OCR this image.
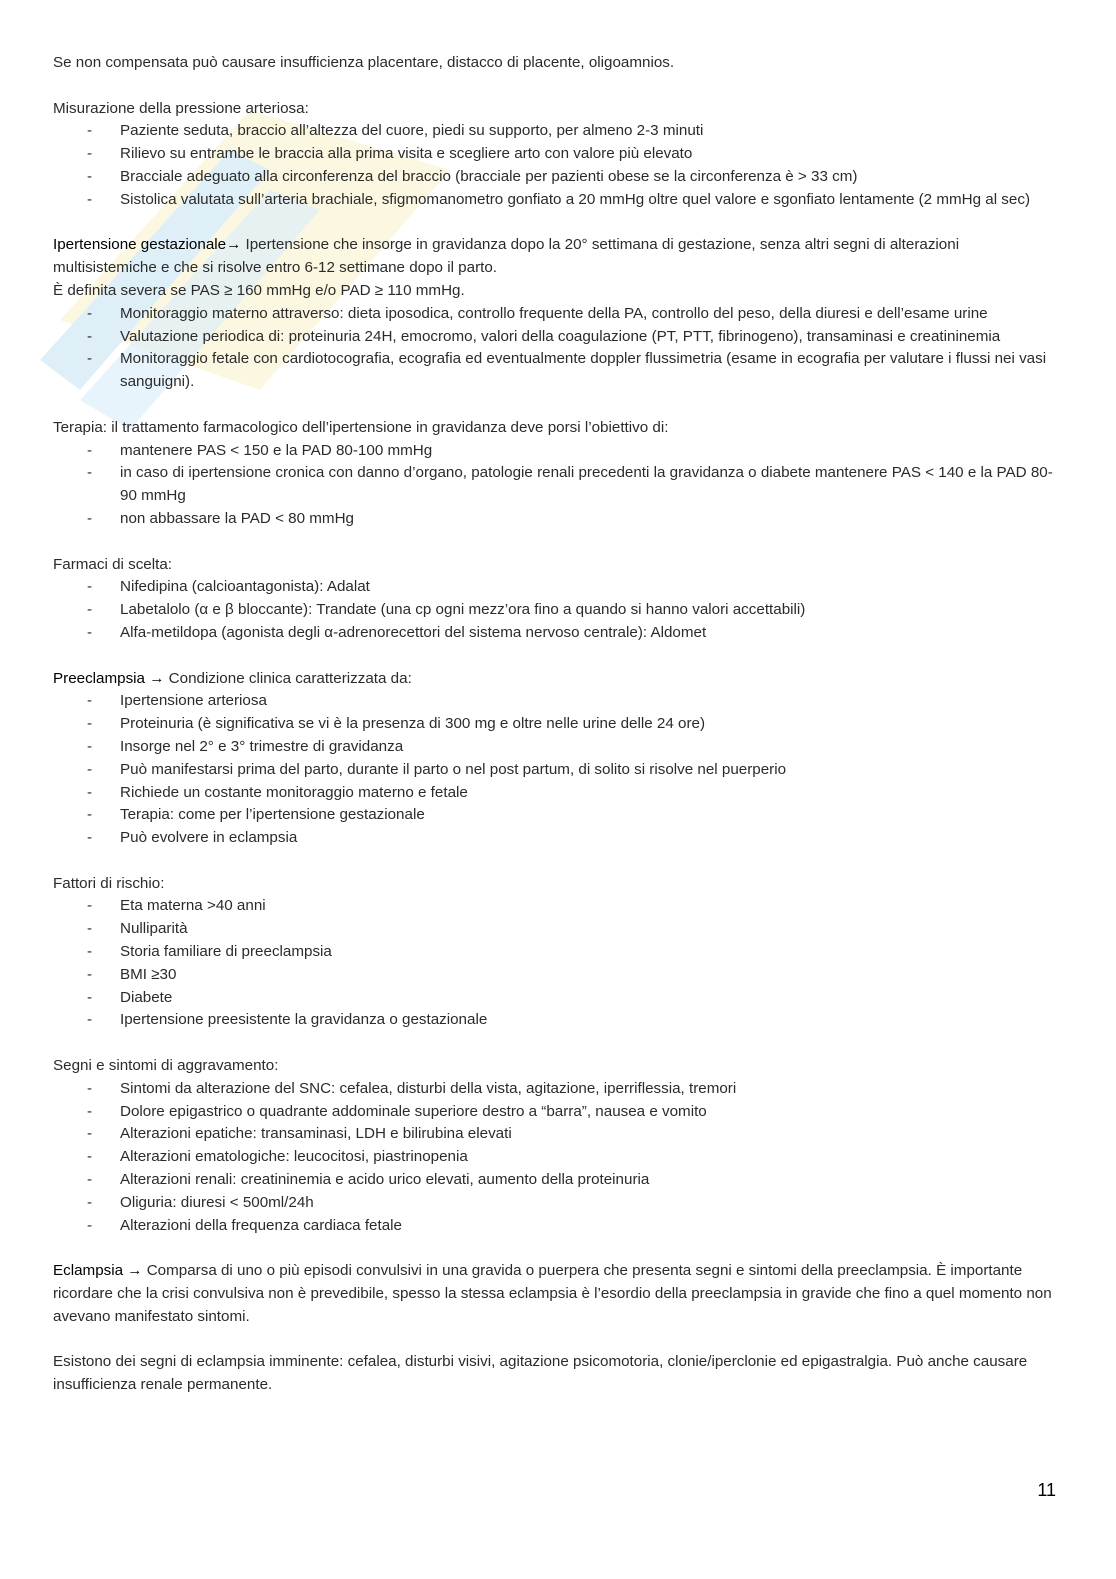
Se non compensata può causare insufficienza placentare, distacco di placente, oligoamnios.

Misurazione della pressione arteriosa:

- Paziente seduta, braccio all’altezza del cuore, piedi su supporto, per almeno 2-3 minuti
- Rilievo su entrambe le braccia alla prima visita e scegliere arto con valore più elevato
- Bracciale adeguato alla circonferenza del braccio (bracciale per pazienti obese se la circonferenza è > 33 cm)
- Sistolica valutata sull’arteria brachiale, sfigmomanometro gonfiato a 20 mmHg oltre quel valore e sgonfiato lentamente (2 mmHg al sec)

Ipertensione gestazionale→ Ipertensione che insorge in gravidanza dopo la 20° settimana di gestazione, senza altri segni di alterazioni multisistemiche e che si risolve entro 6-12 settimane dopo il parto.

È definita severa se PAS ≥ 160 mmHg e/o PAD ≥ 110 mmHg.

- Monitoraggio materno attraverso: dieta iposodica, controllo frequente della PA, controllo del peso, della diuresi e dell’esame urine
- Valutazione periodica di: proteinuria 24H, emocromo, valori della coagulazione (PT, PTT, fibrinogeno), transaminasi e creatininemia
- Monitoraggio fetale con cardiotocografia, ecografia ed eventualmente doppler flussimetria (esame in ecografia per valutare i flussi nei vasi sanguigni).

Terapia: il trattamento farmacologico dell’ipertensione in gravidanza deve porsi l’obiettivo di:

- mantenere PAS < 150 e la PAD 80-100 mmHg
- in caso di ipertensione cronica con danno d’organo, patologie renali precedenti la gravidanza o diabete mantenere PAS < 140 e la PAD 80-90 mmHg
- non abbassare la PAD < 80 mmHg

Farmaci di scelta:

- Nifedipina (calcioantagonista): Adalat
- Labetalolo (α e β bloccante): Trandate (una cp ogni mezz’ora fino a quando si hanno valori accettabili)
- Alfa-metildopa (agonista degli α-adrenorecettori del sistema nervoso centrale): Aldomet

Preeclampsia → Condizione clinica caratterizzata da:

- Ipertensione arteriosa
- Proteinuria (è significativa se vi è la presenza di 300 mg e oltre nelle urine delle 24 ore)
- Insorge nel 2° e 3° trimestre di gravidanza
- Può manifestarsi prima del parto, durante il parto o nel post partum, di solito si risolve nel puerperio
- Richiede un costante monitoraggio materno e fetale
- Terapia: come per l’ipertensione gestazionale
- Può evolvere in eclampsia

Fattori di rischio:

- Eta materna >40 anni
- Nulliparità
- Storia familiare di preeclampsia
- BMI ≥30
- Diabete
- Ipertensione preesistente la gravidanza o gestazionale

Segni e sintomi di aggravamento:

- Sintomi da alterazione del SNC: cefalea, disturbi della vista, agitazione, iperriflessia, tremori
- Dolore epigastrico o quadrante addominale superiore destro a “barra”, nausea e vomito
- Alterazioni epatiche: transaminasi, LDH e bilirubina elevati
- Alterazioni ematologiche: leucocitosi, piastrinopenia
- Alterazioni renali: creatininemia e acido urico elevati, aumento della proteinuria
- Oliguria: diuresi < 500ml/24h
- Alterazioni della frequenza cardiaca fetale

Eclampsia → Comparsa di uno o più episodi convulsivi in una gravida o puerpera che presenta segni e sintomi della preeclampsia. È importante ricordare che la crisi convulsiva non è prevedibile, spesso la stessa eclampsia è l’esordio della preeclampsia in gravide che fino a quel momento non avevano manifestato sintomi.

Esistono dei segni di eclampsia imminente: cefalea, disturbi visivi, agitazione psicomotoria, clonie/iperclonie ed epigastralgia. Può anche causare insufficienza renale permanente.

11
